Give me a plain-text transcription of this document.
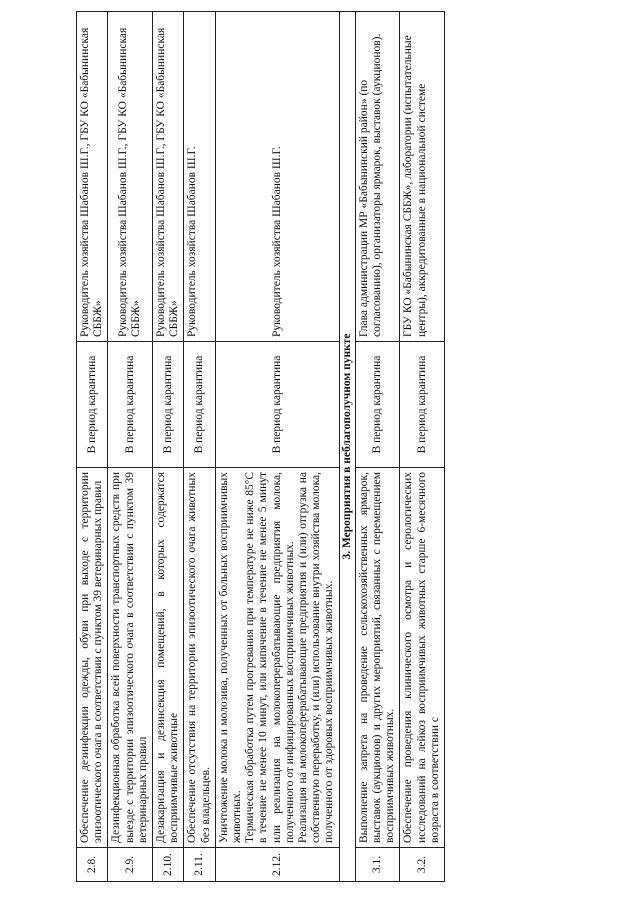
2.8.	Обеспечение дезинфекции одежды, обуви при выходе с территории эпизоотического очага в соответствии с пунктом 39 ветеринарных правил	В период карантина	Руководитель хозяйства Шабанов Ш.Г., ГБУ КО «Бабынинская СББЖ»
2.9.	Дезинфекционная обработка всей поверхности транспортных средств при выезде с территории эпизоотического очага в соответствии с пунктом 39 ветеринарных правил	В период карантина	Руководитель хозяйства Шабанов Ш.Г., ГБУ КО «Бабынинская СББЖ»
2.10.	Дезакаризация и дезинсекция помещений, в которых содержатся восприимчивые животные	В период карантина	Руководитель хозяйства Шабанов Ш.Г., ГБУ КО «Бабынинская СББЖ»
2.11.	Обеспечение отсутствия на территории эпизоотического очага животных без владельцев.	В период карантина	Руководитель хозяйства Шабанов Ш.Г.
2.12.	Уничтожение молока и молозива, полученных от больных восприимчивых животных. Термическая обработка путем прогревания при температуре не ниже 85°С в течение не менее 10 минут, или кипячение в течение не менее 5 минут или реализация на молокоперерабатывающие предприятия молока, полученного от инфицированных восприимчивых животных. Реализация на молокоперерабатывающие предприятия и (или) отгрузка на собственную переработку, и (или) использование внутри хозяйства молока, полученного от здоровых восприимчивых животных.	В период карантина	Руководитель хозяйства Шабанов Ш.Г.
3. Мероприятия в неблагополучном пункте			
3.1.	Выполнение запрета на проведение сельскохозяйственных ярмарок, выставок (аукционов) и других мероприятий, связанных с перемещением восприимчивых животных.	В период карантина	Глава администрации МР «Бабынинский район» (по согласованию), организаторы ярмарок, выставок (аукционов).
3.2.	Обеспечение проведения клинического осмотра и серологических исследований на лейкоз восприимчивых животных старше 6-месячного возраста в соответствии с	В период карантина	ГБУ КО «Бабынинская СББЖ», лаборатории (испытательные центры), аккредитованные в национальной системе
